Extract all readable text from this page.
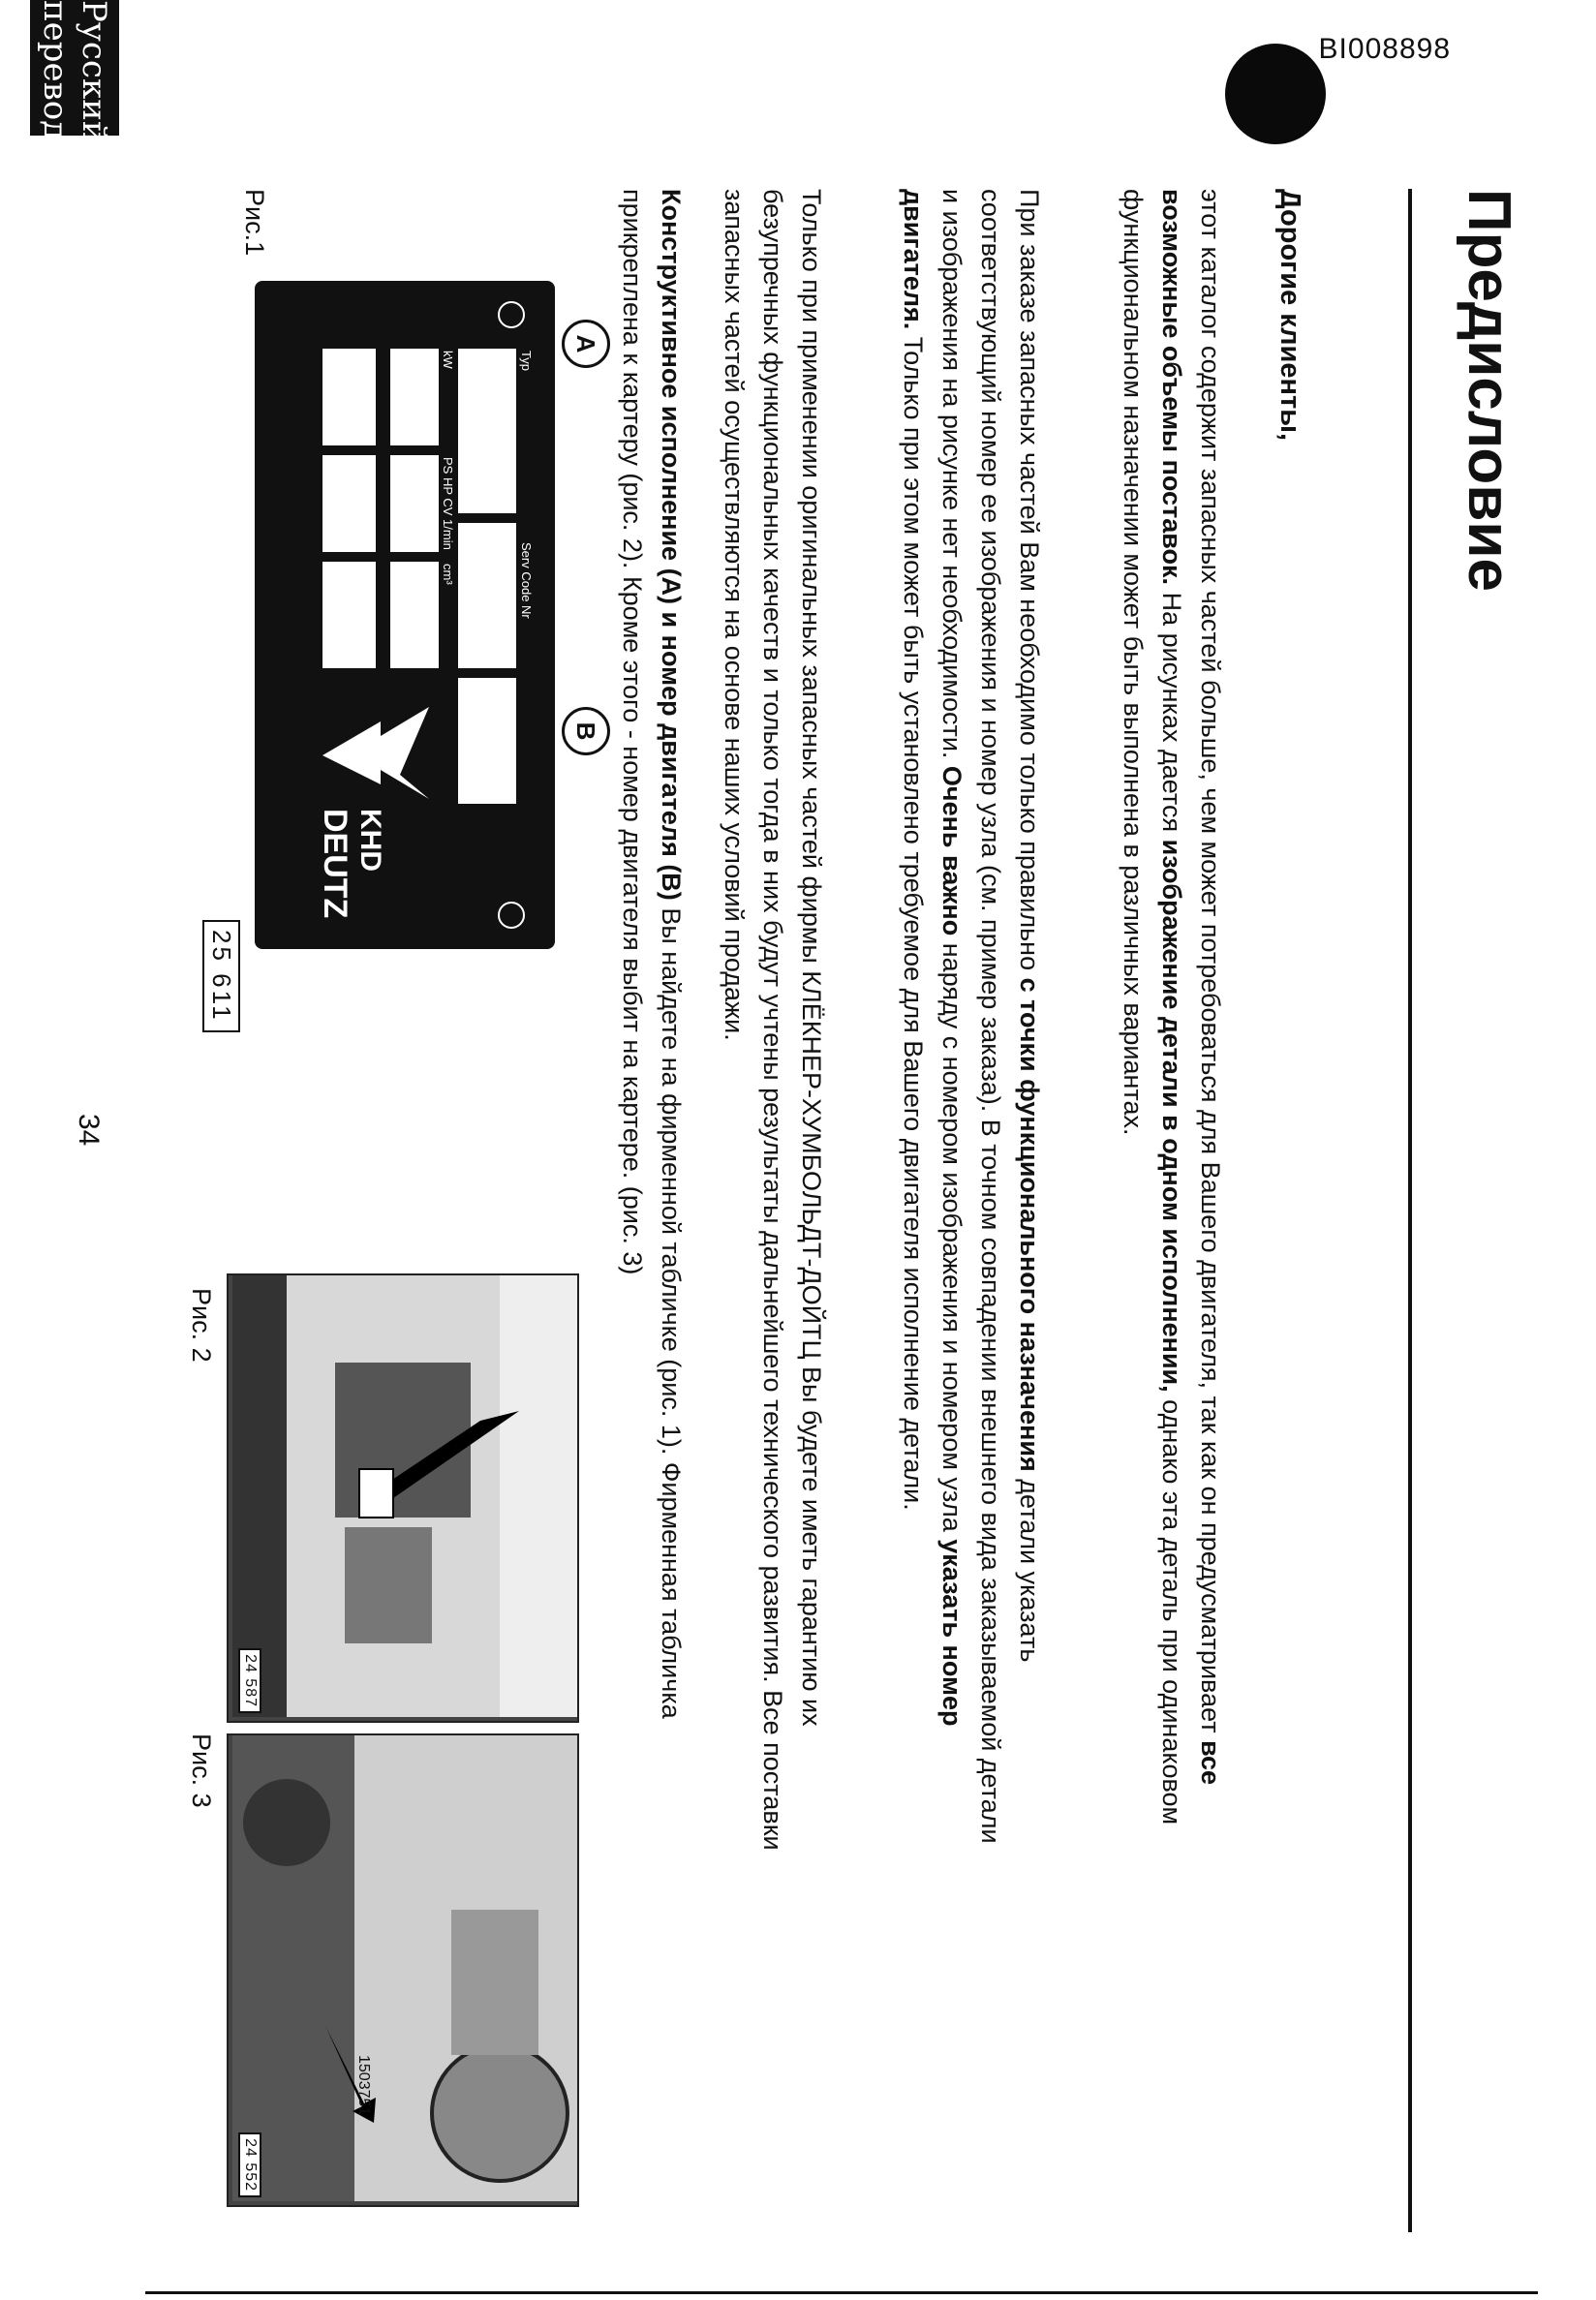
BI008898
Предисловие
Дорогие клиенты,
этот каталог содержит запасных частей больше, чем может потребоваться для Вашего двигателя, так как он предусматривает все возможные объемы поставок. На рисунках дается изображение детали в одном исполнении, однако эта деталь при одинаковом функциональном назначении может быть выполнена в различных вариантах.
При заказе запасных частей Вам необходимо только правильно с точки функционального назначения детали указать соответствующий номер ее изображения и номер узла (см. пример заказа). В точном совпадении внешнего вида заказываемой детали и изображения на рисунке нет необходимости. Очень важно наряду с номером изображения и номером узла указать номер двигателя. Только при этом может быть установлено требуемое для Вашего двигателя исполнение детали.
Только при применении оригинальных запасных частей фирмы КЛЁКНЕР-ХУМБОЛЬДТ-ДОЙТЦ Вы будете иметь гарантию их безупречных функциональных качеств и только тогда в них будут учтены результаты дальнейшего технического развития. Все поставки запасных частей осуществляются на основе наших условий продажи.
Конструктивное исполнение (A) и номер двигателя (B) Вы найдете на фирменной табличке (рис. 1). Фирменная табличка прикреплена к картеру (рис. 2). Кроме этого - номер двигателя выбит на картере. (рис. 3)
Typ
Serv Code Nr
kW
PS HP CV 1/min
cm³
KHD
DEUTZ
A
B
Рис.1
25 611
24 587
Рис. 2
1503751
24 552
Рис. 3
34
Русский перевод
